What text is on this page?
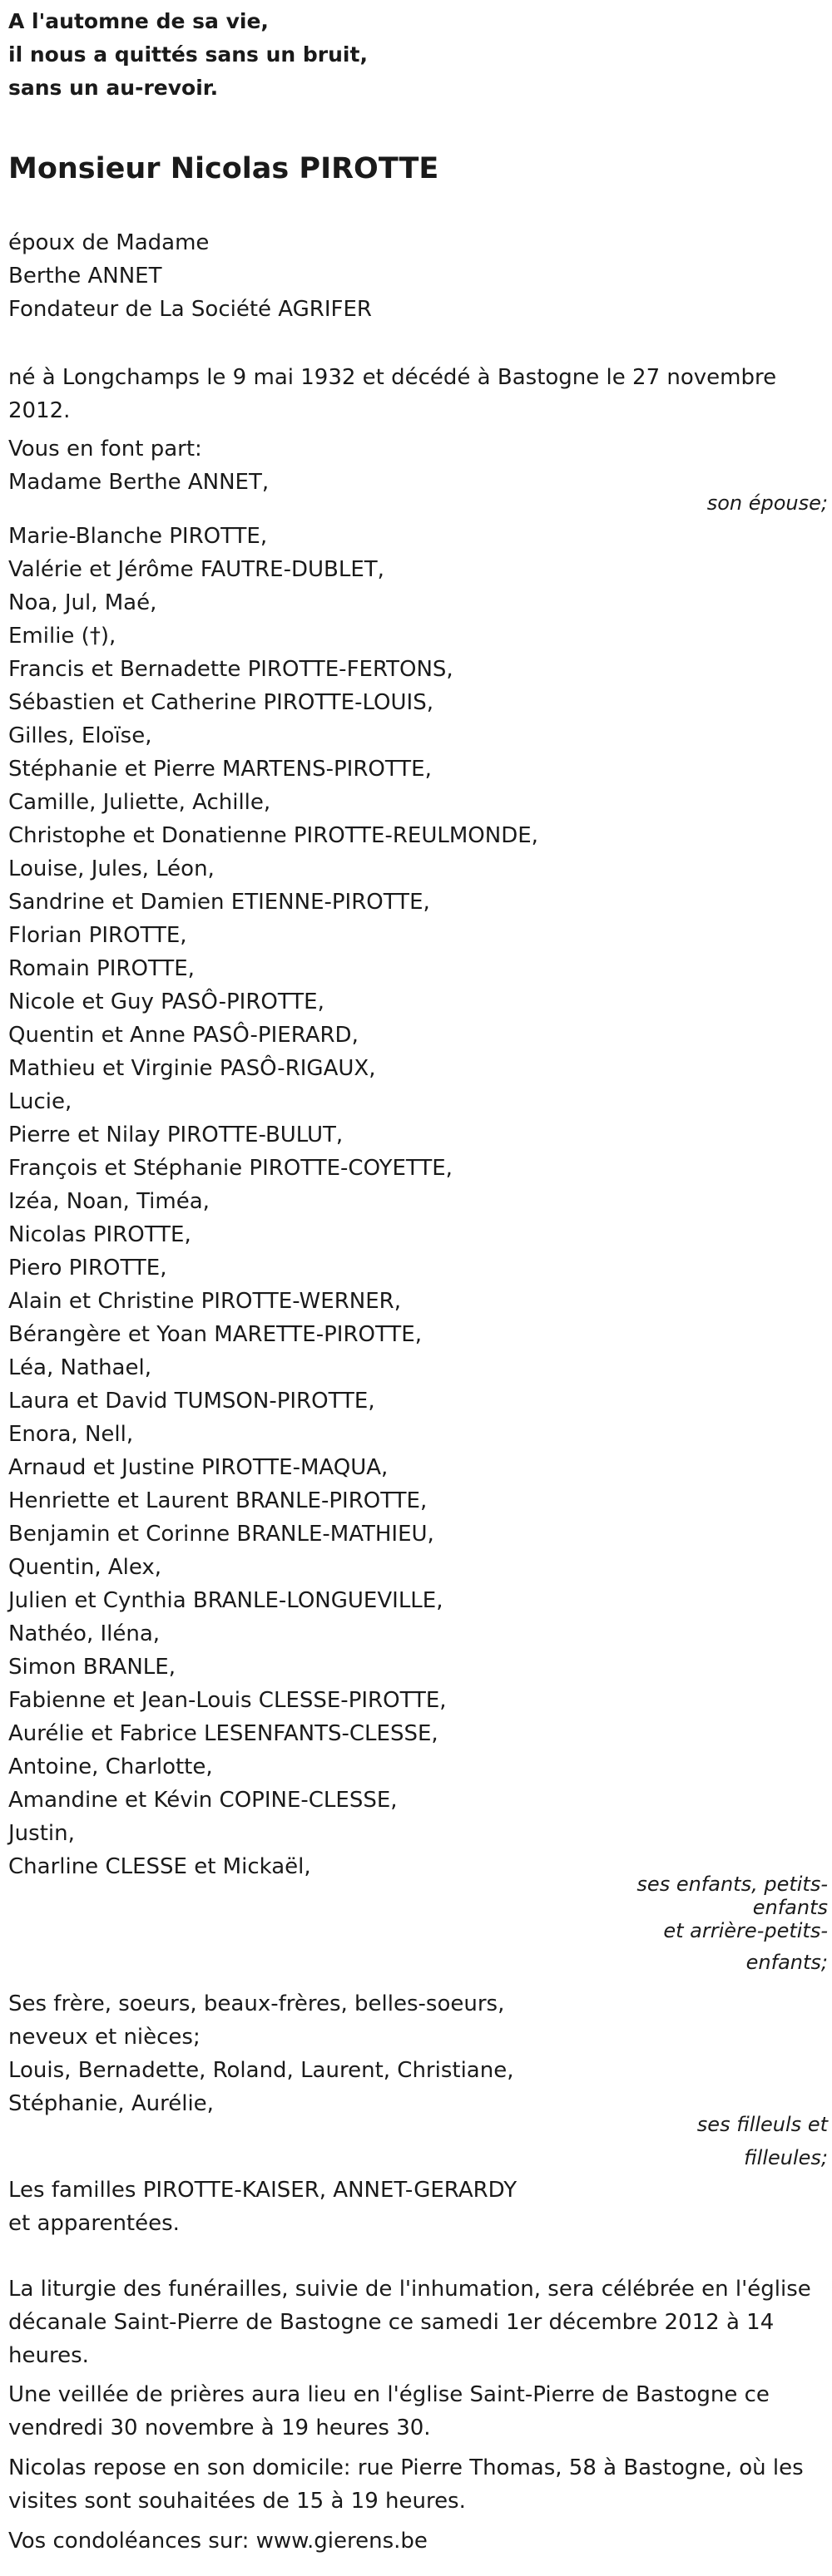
A l'automne de sa vie,
il nous a quittés sans un bruit,
sans un au-revoir.
Monsieur Nicolas PIROTTE
époux de Madame
Berthe ANNET
Fondateur de La Société AGRIFER
né à Longchamps le 9 mai 1932 et décédé à Bastogne le 27 novembre 2012.
Vous en font part:
Madame Berthe ANNET,
son épouse;
Marie-Blanche PIROTTE,
Valérie et Jérôme FAUTRE-DUBLET,
Noa, Jul, Maé,
Emilie (†),
Francis et Bernadette PIROTTE-FERTONS,
Sébastien et Catherine PIROTTE-LOUIS,
Gilles, Eloïse,
Stéphanie et Pierre MARTENS-PIROTTE,
Camille, Juliette, Achille,
Christophe et Donatienne PIROTTE-REULMONDE,
Louise, Jules, Léon,
Sandrine et Damien ETIENNE-PIROTTE,
Florian PIROTTE,
Romain PIROTTE,
Nicole et Guy PASÔ-PIROTTE,
Quentin et Anne PASÔ-PIERARD,
Mathieu et Virginie PASÔ-RIGAUX,
Lucie,
Pierre et Nilay PIROTTE-BULUT,
François et Stéphanie PIROTTE-COYETTE,
Izéa, Noan, Timéa,
Nicolas PIROTTE,
Piero PIROTTE,
Alain et Christine PIROTTE-WERNER,
Bérangère et Yoan MARETTE-PIROTTE,
Léa, Nathael,
Laura et David TUMSON-PIROTTE,
Enora, Nell,
Arnaud et Justine PIROTTE-MAQUA,
Henriette et Laurent BRANLE-PIROTTE,
Benjamin et Corinne BRANLE-MATHIEU,
Quentin, Alex,
Julien et Cynthia BRANLE-LONGUEVILLE,
Nathéo, Iléna,
Simon BRANLE,
Fabienne et Jean-Louis CLESSE-PIROTTE,
Aurélie et Fabrice LESENFANTS-CLESSE,
Antoine, Charlotte,
Amandine et Kévin COPINE-CLESSE,
Justin,
Charline CLESSE et Mickaël,
ses enfants, petits-
enfants
et arrière-petits-
enfants;
Ses frère, soeurs, beaux-frères, belles-soeurs,
neveux et nièces;
Louis, Bernadette, Roland, Laurent, Christiane,
Stéphanie, Aurélie,
ses filleuls et
filleules;
Les familles PIROTTE-KAISER, ANNET-GERARDY
et apparentées.
La liturgie des funérailles, suivie de l'inhumation, sera célébrée en l'église
décanale Saint-Pierre de Bastogne ce samedi 1er décembre 2012 à 14
heures.
Une veillée de prières aura lieu en l'église Saint-Pierre de Bastogne ce
vendredi 30 novembre à 19 heures 30.
Nicolas repose en son domicile: rue Pierre Thomas, 58 à Bastogne, où les
visites sont souhaitées de 15 à 19 heures.
Vos condoléances sur: www.gierens.be
